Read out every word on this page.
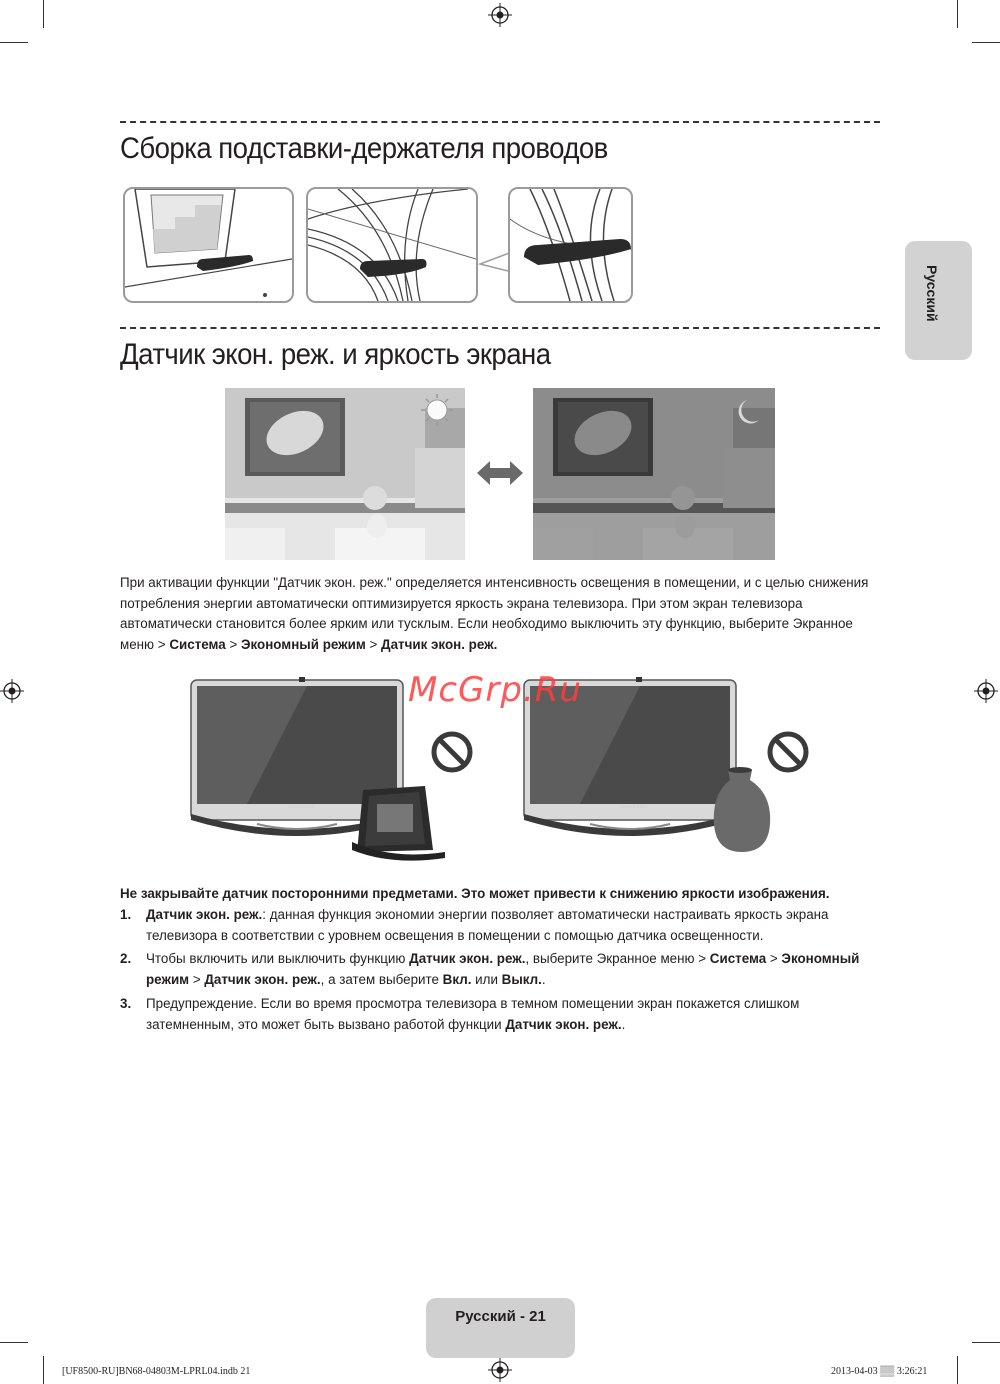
Сборка подставки-держателя проводов
Датчик экон. реж. и яркость экрана
При активации функции "Датчик экон. реж." определяется интенсивность освещения в помещении, и с целью снижения потребления энергии автоматически оптимизируется яркость экрана телевизора. При этом экран телевизора автоматически становится более ярким или тусклым. Если необходимо выключить эту функцию, выберите Экранное меню > Система > Экономный режим > Датчик экон. реж.
SAMSUNG	SAMSUNG
McGrp.Ru
Не закрывайте датчик посторонними предметами. Это может привести к снижению яркости изображения.
1. Датчик экон. реж.: данная функция экономии энергии позволяет автоматически настраивать яркость экрана телевизора в соответствии с уровнем освещения в помещении с помощью датчика освещенности.
2. Чтобы включить или выключить функцию Датчик экон. реж., выберите Экранное меню > Система > Экономный режим > Датчик экон. реж., а затем выберите Вкл. или Выкл..
3. Предупреждение. Если во время просмотра телевизора в темном помещении экран покажется слишком затемненным, это может быть вызвано работой функции Датчик экон. реж..
Русский
Русский - 21
[UF8500-RU]BN68-04803M-LPRL04.indb 21	2013-04-03 ▒▒ 3:26:21
